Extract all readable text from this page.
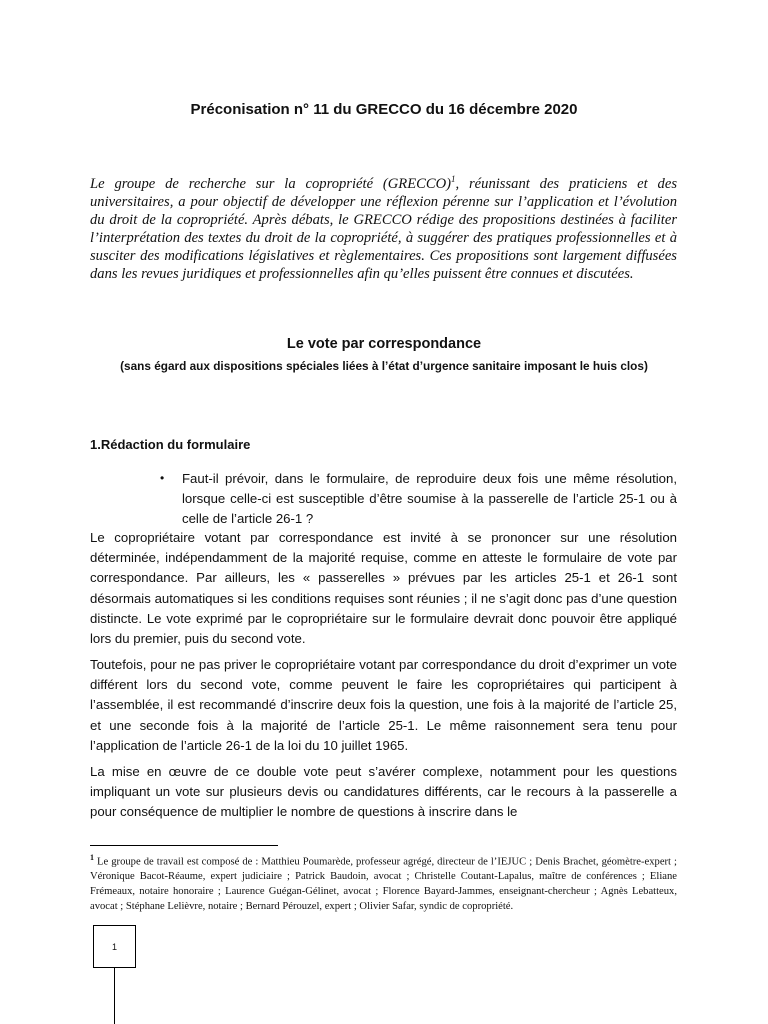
Préconisation n° 11 du GRECCO du 16 décembre 2020

Le groupe de recherche sur la copropriété (GRECCO)$^1$, réunissant des praticiens et des universitaires, a pour objectif de développer une réflexion pérenne sur l’application et l’évolution du droit de la copropriété. Après débats, le GRECCO rédige des propositions destinées à faciliter l’interprétation des textes du droit de la copropriété, à suggérer des pratiques professionnelles et à susciter des modifications législatives et règlementaires. Ces propositions sont largement diffusées dans les revues juridiques et professionnelles afin qu’elles puissent être connues et discutées.

Le vote par correspondance
(sans égard aux dispositions spéciales liées à l’état d’urgence sanitaire imposant le huis clos)
1.Rédaction du formulaire
• Faut-il prévoir, dans le formulaire, de reproduire deux fois une même résolution, lorsque celle-ci est susceptible d’être soumise à la passerelle de l’article 25-1 ou à celle de l’article 26-1 ?

Le copropriétaire votant par correspondance est invité à se prononcer sur une résolution déterminée, indépendamment de la majorité requise, comme en atteste le formulaire de vote par correspondance. Par ailleurs, les « passerelles » prévues par les articles 25-1 et 26-1 sont désormais automatiques si les conditions requises sont réunies ; il ne s’agit donc pas d’une question distincte. Le vote exprimé par le copropriétaire sur le formulaire devrait donc pouvoir être appliqué lors du premier, puis du second vote.

Toutefois, pour ne pas priver le copropriétaire votant par correspondance du droit d’exprimer un vote différent lors du second vote, comme peuvent le faire les copropriétaires qui participent à l’assemblée, il est recommandé d’inscrire deux fois la question, une fois à la majorité de l’article 25, et une seconde fois à la majorité de l’article 25-1. Le même raisonnement sera tenu pour l’application de l’article 26-1 de la loi du 10 juillet 1965.

La mise en œuvre de ce double vote peut s’avérer complexe, notamment pour les questions impliquant un vote sur plusieurs devis ou candidatures différents, car le recours à la passerelle a pour conséquence de multiplier le nombre de questions à inscrire dans le

$^1$ Le groupe de travail est composé de : Matthieu Poumarède, professeur agrégé, directeur de l’IEJUC ; Denis Brachet, géomètre-expert ; Véronique Bacot-Réaume, expert judiciaire ; Patrick Baudoin, avocat ; Christelle Coutant-Lapalus, maître de conférences ; Eliane Frémeaux, notaire honoraire ; Laurence Guégan-Gélinet, avocat ; Florence Bayard-Jammes, enseignant-chercheur ; Agnès Lebatteux, avocat ; Stéphane Lelièvre, notaire ; Bernard Pérouzel, expert ; Olivier Safar, syndic de copropriété.

1
